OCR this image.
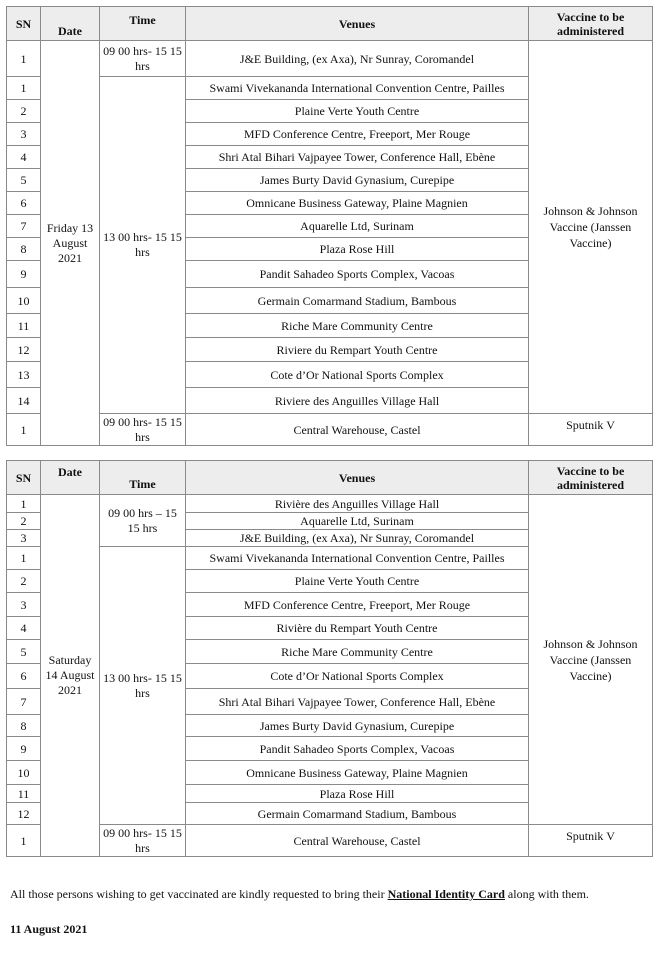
SN	Date	Time	Venues	Vaccine to be administered
1	Friday 13 August 2021	09 00 hrs- 15 15 hrs	J&E Building, (ex Axa), Nr Sunray, Coromandel	Johnson & Johnson Vaccine (Janssen Vaccine)
1		13 00 hrs- 15 15 hrs	Swami Vivekananda International Convention Centre, Pailles	
2			Plaine Verte Youth Centre	
3			MFD Conference Centre, Freeport, Mer Rouge	
4			Shri Atal Bihari Vajpayee Tower, Conference Hall, Ebène	
5			James Burty David Gynasium, Curepipe	
6			Omnicane Business Gateway, Plaine Magnien	
7			Aquarelle Ltd, Surinam	
8			Plaza Rose Hill	
9			Pandit Sahadeo Sports Complex, Vacoas	
10			Germain Comarmand Stadium, Bambous	
11			Riche Mare Community Centre	
12			Riviere du Rempart Youth Centre	
13			Cote d’Or National Sports Complex	
14			Riviere des Anguilles Village Hall	
1		09 00 hrs- 15 15 hrs	Central Warehouse, Castel	Sputnik V
SN	Date	Time	Venues	Vaccine to be administered
1	Saturday 14 August 2021	09 00 hrs – 15 15 hrs	Rivière des Anguilles Village Hall	Johnson & Johnson Vaccine (Janssen Vaccine)
2			Aquarelle Ltd, Surinam	
3			J&E Building, (ex Axa), Nr Sunray, Coromandel	
1		13 00 hrs- 15 15 hrs	Swami Vivekananda International Convention Centre, Pailles	
2			Plaine Verte Youth Centre	
3			MFD Conference Centre, Freeport, Mer Rouge	
4			Rivière du Rempart Youth Centre	
5			Riche Mare Community Centre	
6			Cote d’Or National Sports Complex	
7			Shri Atal Bihari Vajpayee Tower, Conference Hall, Ebène	
8			James Burty David Gynasium, Curepipe	
9			Pandit Sahadeo Sports Complex, Vacoas	
10			Omnicane Business Gateway, Plaine Magnien	
11			Plaza Rose Hill	
12			Germain Comarmand Stadium, Bambous	
1		09 00 hrs- 15 15 hrs	Central Warehouse, Castel	Sputnik V
All those persons wishing to get vaccinated are kindly requested to bring their National Identity Card along with them.
11 August 2021
